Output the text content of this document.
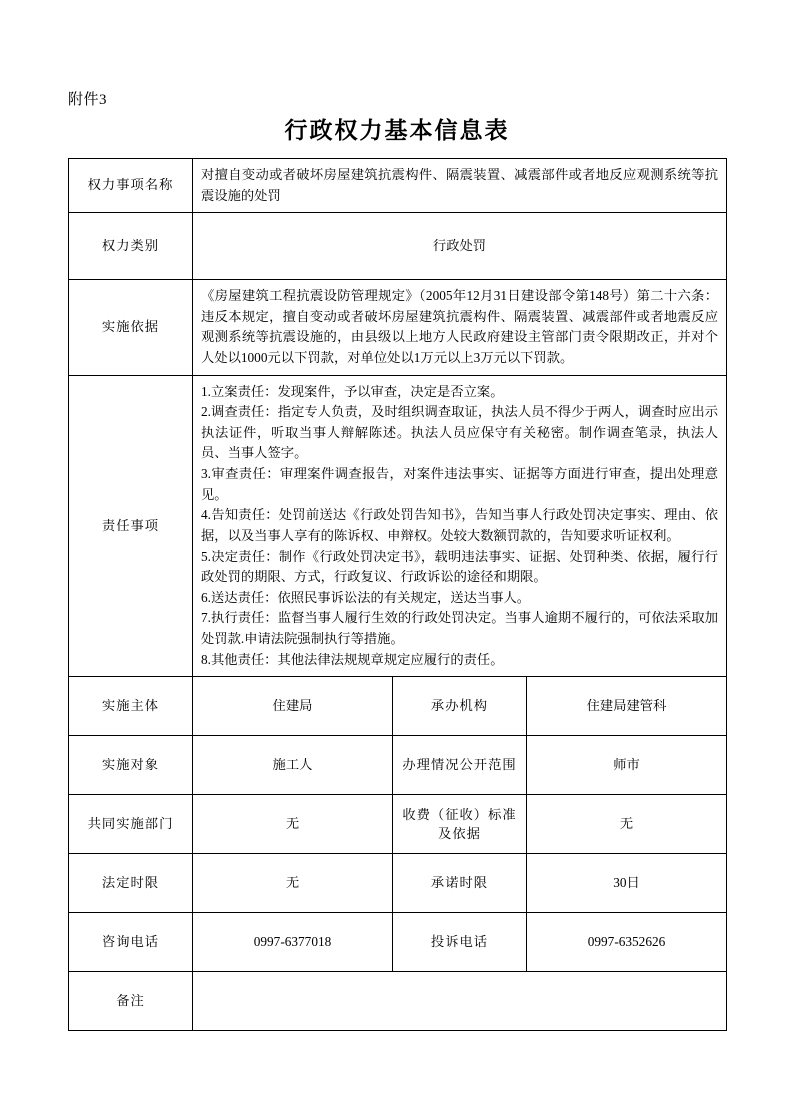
附件3
行政权力基本信息表
权力事项名称	对擅自变动或者破坏房屋建筑抗震构件、隔震装置、减震部件或者地反应观测系统等抗震设施的处罚		
权力类别	行政处罚		
实施依据	《房屋建筑工程抗震设防管理规定》（2005年12月31日建设部令第148号）第二十六条：违反本规定，擅自变动或者破坏房屋建筑抗震构件、隔震装置、减震部件或者地震反应观测系统等抗震设施的，由县级以上地方人民政府建设主管部门责令限期改正，并对个人处以1000元以下罚款，对单位处以1万元以上3万元以下罚款。		
责任事项	
1.立案责任：发现案件，予以审查，决定是否立案。
2.调查责任：指定专人负责，及时组织调查取证，执法人员不得少于两人，调查时应出示执法证件，听取当事人辩解陈述。执法人员应保守有关秘密。制作调查笔录，执法人员、当事人签字。
3.审查责任：审理案件调查报告，对案件违法事实、证据等方面进行审查，提出处理意见。
4.告知责任：处罚前送达《行政处罚告知书》，告知当事人行政处罚决定事实、理由、依据，以及当事人享有的陈诉权、申辩权。处较大数额罚款的，告知要求听证权利。
5.决定责任：制作《行政处罚决定书》，载明违法事实、证据、处罚种类、依据，履行行政处罚的期限、方式，行政复议、行政诉讼的途径和期限。
6.送达责任：依照民事诉讼法的有关规定，送达当事人。
7.执行责任：监督当事人履行生效的行政处罚决定。当事人逾期不履行的，可依法采取加处罚款.申请法院强制执行等措施。
8.其他责任：其他法律法规规章规定应履行的责任。

实施主体	住建局	承办机构	住建局建管科
实施对象	施工人	办理情况公开范围	师市
共同实施部门	无	收费（征收）标准及依据	无
法定时限	无	承诺时限	30日
咨询电话	0997-6377018	投诉电话	0997-6352626
备注			
